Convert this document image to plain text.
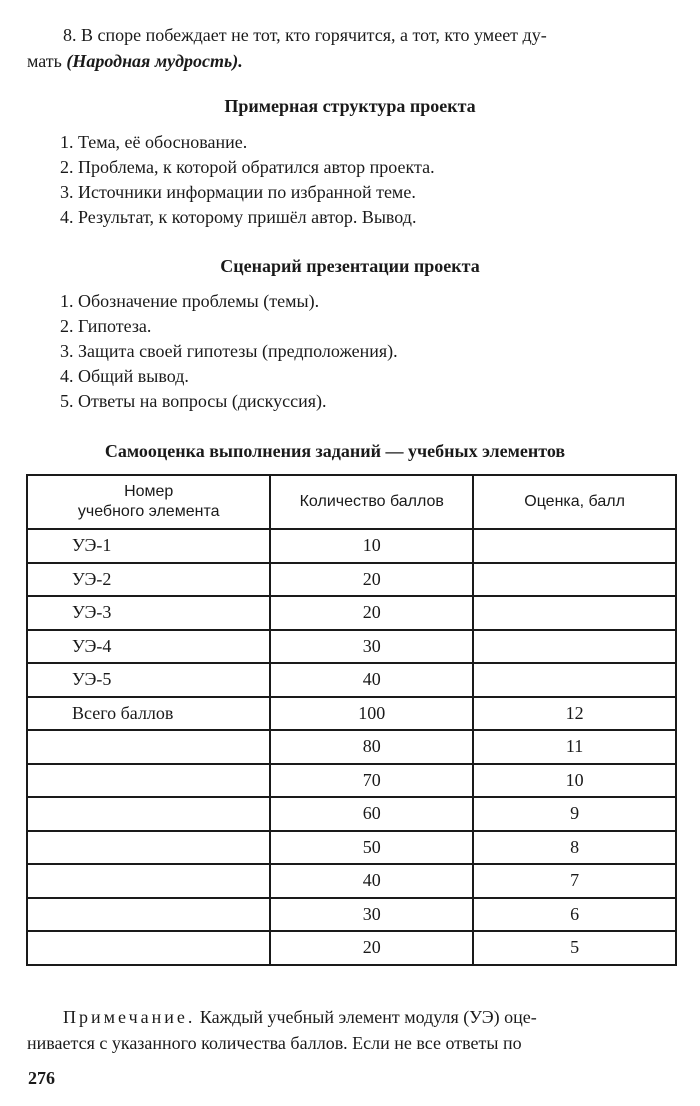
8. В споре побеждает не тот, кто горячится, а тот, кто умеет ду-
мать (Народная мудрость).
Примерная структура проекта
1. Тема, её обоснование.
2. Проблема, к которой обратился автор проекта.
3. Источники информации по избранной теме.
4. Результат, к которому пришёл автор. Вывод.
Сценарий презентации проекта
1. Обозначение проблемы (темы).
2. Гипотеза.
3. Защита своей гипотезы (предположения).
4. Общий вывод.
5. Ответы на вопросы (дискуссия).
Самооценка выполнения заданий — учебных элементов
Номер
учебного элемента	Количество баллов	Оценка, балл
УЭ-1	10	
УЭ-2	20	
УЭ-3	20	
УЭ-4	30	
УЭ-5	40	
Всего баллов	100	12
	80	11
	70	10
	60	9
	50	8
	40	7
	30	6
	20	5
Примечание. Каждый учебный элемент модуля (УЭ) оце-
нивается с указанного количества баллов. Если не все ответы по
276
